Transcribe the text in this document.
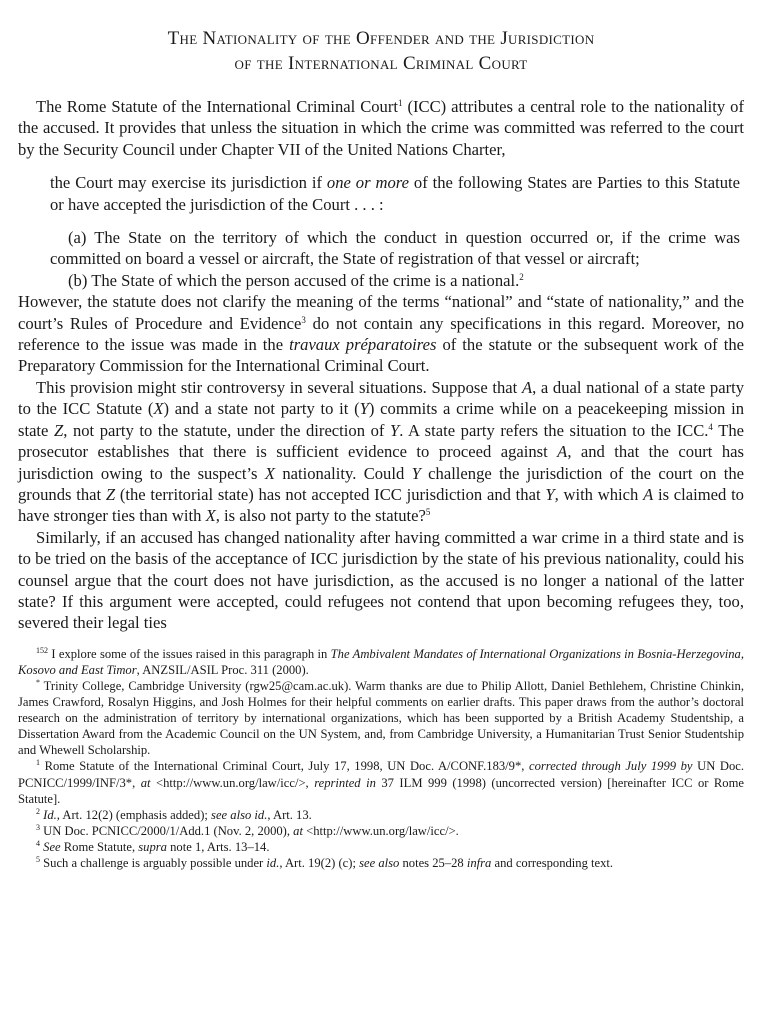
The Nationality of the Offender and the Jurisdiction
of the International Criminal Court

The Rome Statute of the International Criminal Court$^1$ (ICC) attributes a central role to the nationality of the accused. It provides that unless the situation in which the crime was committed was referred to the court by the Security Council under Chapter VII of the United Nations Charter,

the Court may exercise its jurisdiction if one or more of the following States are Parties to this Statute or have accepted the jurisdiction of the Court . . . :

(a) The State on the territory of which the conduct in question occurred or, if the crime was committed on board a vessel or aircraft, the State of registration of that vessel or aircraft;

(b) The State of which the person accused of the crime is a national.$^2$

However, the statute does not clarify the meaning of the terms “national” and “state of nationality,” and the court’s Rules of Procedure and Evidence$^3$ do not contain any specifications in this regard. Moreover, no reference to the issue was made in the travaux préparatoires of the statute or the subsequent work of the Preparatory Commission for the International Criminal Court.

This provision might stir controversy in several situations. Suppose that A, a dual national of a state party to the ICC Statute (X) and a state not party to it (Y) commits a crime while on a peacekeeping mission in state Z, not party to the statute, under the direction of Y. A state party refers the situation to the ICC.$^4$ The prosecutor establishes that there is sufficient evidence to proceed against A, and that the court has jurisdiction owing to the suspect’s X nationality. Could Y challenge the jurisdiction of the court on the grounds that Z (the territorial state) has not accepted ICC jurisdiction and that Y, with which A is claimed to have stronger ties than with X, is also not party to the statute?$^5$

Similarly, if an accused has changed nationality after having committed a war crime in a third state and is to be tried on the basis of the acceptance of ICC jurisdiction by the state of his previous nationality, could his counsel argue that the court does not have jurisdiction, as the accused is no longer a national of the latter state? If this argument were accepted, could refugees not contend that upon becoming refugees they, too, severed their legal ties

$^{152}$ I explore some of the issues raised in this paragraph in The Ambivalent Mandates of International Organizations in Bosnia-Herzegovina, Kosovo and East Timor, ANZSIL/ASIL Proc. 311 (2000).

* Trinity College, Cambridge University (rgw25@cam.ac.uk). Warm thanks are due to Philip Allott, Daniel Bethlehem, Christine Chinkin, James Crawford, Rosalyn Higgins, and Josh Holmes for their helpful comments on earlier drafts. This paper draws from the author’s doctoral research on the administration of territory by international organizations, which has been supported by a British Academy Studentship, a Dissertation Award from the Academic Council on the UN System, and, from Cambridge University, a Humanitarian Trust Senior Studentship and Whewell Scholarship.

$^1$ Rome Statute of the International Criminal Court, July 17, 1998, UN Doc. A/CONF.183/9*, corrected through July 1999 by UN Doc. PCNICC/1999/INF/3*, at <http://www.un.org/law/icc/>, reprinted in 37 ILM 999 (1998) (uncorrected version) [hereinafter ICC or Rome Statute].

$^2$ Id., Art. 12(2) (emphasis added); see also id., Art. 13.

$^3$ UN Doc. PCNICC/2000/1/Add.1 (Nov. 2, 2000), at <http://www.un.org/law/icc/>.

$^4$ See Rome Statute, supra note 1, Arts. 13–14.

$^5$ Such a challenge is arguably possible under id., Art. 19(2) (c); see also notes 25–28 infra and corresponding text.
